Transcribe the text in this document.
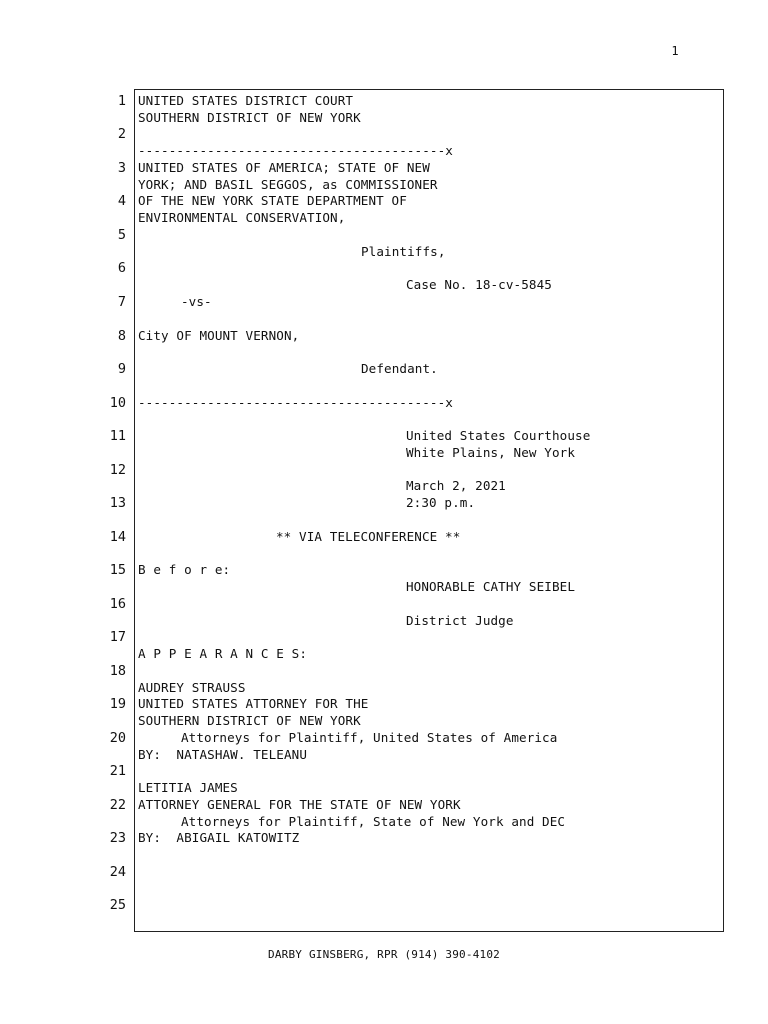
1
1
2
3
4
5
6
7
8
9
10
11
12
13
14
15
16
17
18
19
20
21
22
23
24
25
UNITED STATES DISTRICT COURT
SOUTHERN DISTRICT OF NEW YORK
----------------------------------------x
UNITED STATES OF AMERICA; STATE OF NEW
YORK; AND BASIL SEGGOS, as COMMISSIONER
OF THE NEW YORK STATE DEPARTMENT OF
ENVIRONMENTAL CONSERVATION,
Plaintiffs,
Case No. 18-cv-5845
-vs-
City OF MOUNT VERNON,
Defendant.
----------------------------------------x
United States Courthouse
White Plains, New York
March 2, 2021
2:30 p.m.
** VIA TELECONFERENCE **
B e f o r e:
HONORABLE CATHY SEIBEL
District Judge
A P P E A R A N C E S:
AUDREY STRAUSS
UNITED STATES ATTORNEY FOR THE
SOUTHERN DISTRICT OF NEW YORK
Attorneys for Plaintiff, United States of America
BY:  NATASHAW. TELEANU
LETITIA JAMES
ATTORNEY GENERAL FOR THE STATE OF NEW YORK
Attorneys for Plaintiff, State of New York and DEC
BY:  ABIGAIL KATOWITZ
DARBY GINSBERG, RPR (914) 390-4102
